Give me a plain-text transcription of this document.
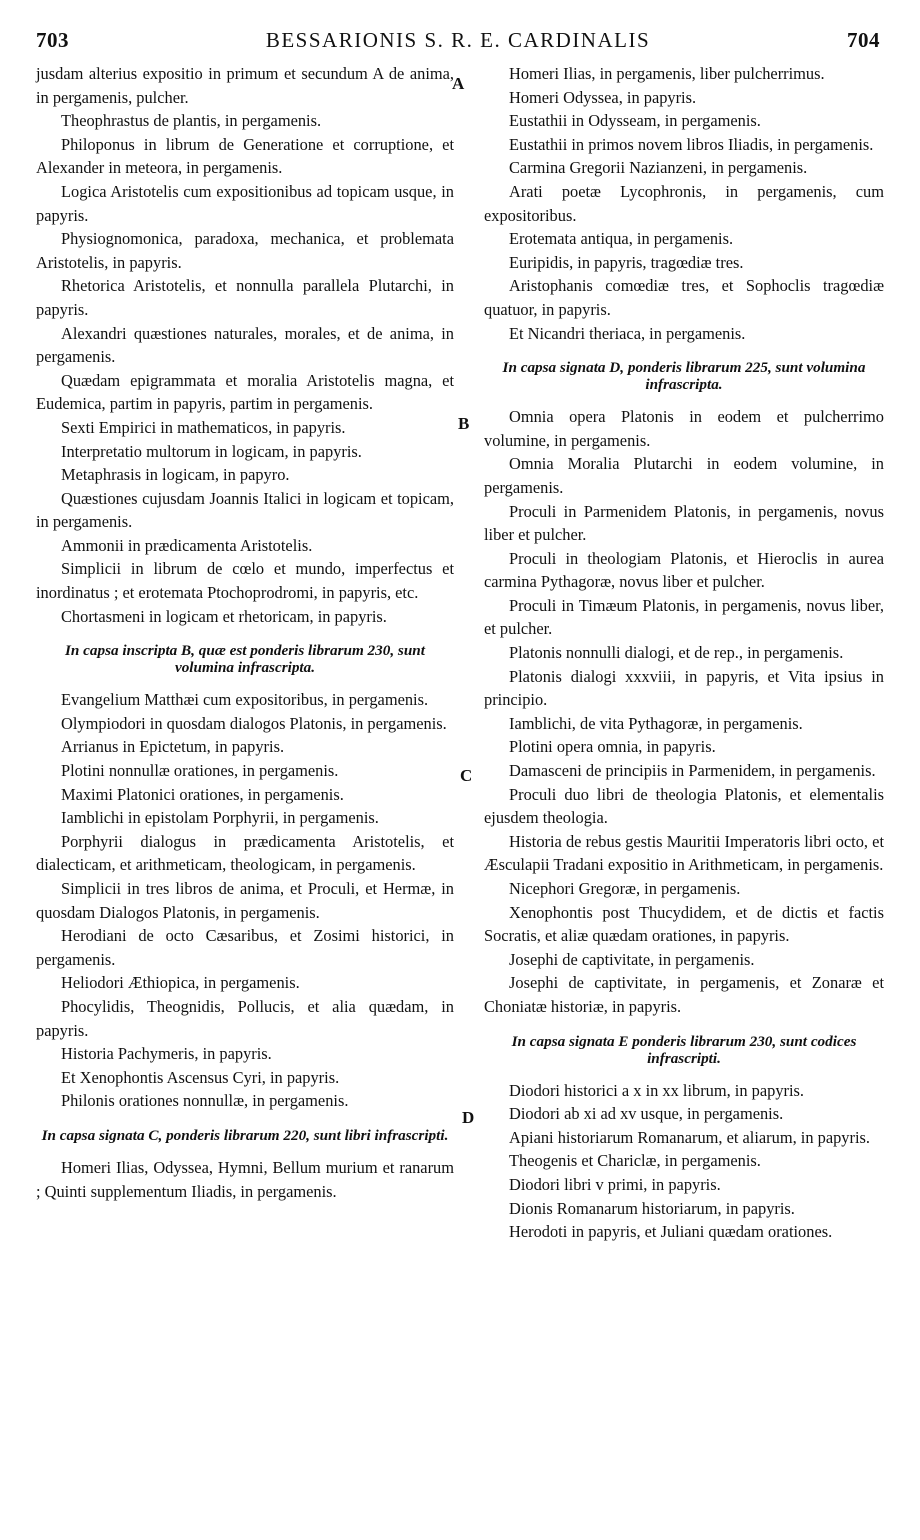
703	BESSARIONIS S. R. E. CARDINALIS	704
jusdam alterius expositio in primum et secundum A de anima, in pergamenis, pulcher.
Theophrastus de plantis, in pergamenis.
Philoponus in librum de Generatione et corruptione, et Alexander in meteora, in pergamenis.
Logica Aristotelis cum expositionibus ad topicam usque, in papyris.
Physiognomonica, paradoxa, mechanica, et problemata Aristotelis, in papyris.
Rhetorica Aristotelis, et nonnulla parallela Plutarchi, in papyris.
Alexandri quæstiones naturales, morales, et de anima, in pergamenis.
Quædam epigrammata et moralia Aristotelis magna, et Eudemica, partim in papyris, partim in pergamenis.
Sexti Empirici in mathematicos, in papyris.
Interpretatio multorum in logicam, in papyris.
Metaphrasis in logicam, in papyro.
Quæstiones cujusdam Joannis Italici in logicam et topicam, in pergamenis.
Ammonii in prædicamenta Aristotelis.
Simplicii in librum de cœlo et mundo, imperfectus et inordinatus ; et erotemata Ptochoprodromi, in papyris, etc.
Chortasmeni in logicam et rhetoricam, in papyris.
In capsa inscripta B, quæ est ponderis librarum 230, sunt volumina infrascripta.
Evangelium Matthæi cum expositoribus, in pergamenis.
Olympiodori in quosdam dialogos Platonis, in pergamenis.
Arrianus in Epictetum, in papyris.
Plotini nonnullæ orationes, in pergamenis.
Maximi Platonici orationes, in pergamenis.
Iamblichi in epistolam Porphyrii, in pergamenis.
Porphyrii dialogus in prædicamenta Aristotelis, et dialecticam, et arithmeticam, theologicam, in pergamenis.
Simplicii in tres libros de anima, et Proculi, et Hermæ, in quosdam Dialogos Platonis, in pergamenis.
Herodiani de octo Cæsaribus, et Zosimi historici, in pergamenis.
Heliodori Æthiopica, in pergamenis.
Phocylidis, Theognidis, Pollucis, et alia quædam, in papyris.
Historia Pachymeris, in papyris.
Et Xenophontis Ascensus Cyri, in papyris.
Philonis orationes nonnullæ, in pergamenis.
In capsa signata C, ponderis librarum 220, sunt libri infrascripti.
Homeri Ilias, Odyssea, Hymni, Bellum murium et ranarum ; Quinti supplementum Iliadis, in pergamenis.
Homeri Ilias, in pergamenis, liber pulcherrimus.
Homeri Odyssea, in papyris.
Eustathii in Odysseam, in pergamenis.
Eustathii in primos novem libros Iliadis, in pergamenis.
Carmina Gregorii Nazianzeni, in pergamenis.
Arati poetæ Lycophronis, in pergamenis, cum expositoribus.
Erotemata antiqua, in pergamenis.
Euripidis, in papyris, tragœdiæ tres.
Aristophanis comœdiæ tres, et Sophoclis tragœdiæ quatuor, in papyris.
Et Nicandri theriaca, in pergamenis.
In capsa signata D, ponderis librarum 225, sunt volumina infrascripta.
Omnia opera Platonis in eodem et pulcherrimo volumine, in pergamenis.
Omnia Moralia Plutarchi in eodem volumine, in pergamenis.
Proculi in Parmenidem Platonis, in pergamenis, novus liber et pulcher.
Proculi in theologiam Platonis, et Hieroclis in aurea carmina Pythagoræ, novus liber et pulcher.
Proculi in Timæum Platonis, in pergamenis, novus liber, et pulcher.
Platonis nonnulli dialogi, et de rep., in pergamenis.
Platonis dialogi xxxviii, in papyris, et Vita ipsius in principio.
Iamblichi, de vita Pythagoræ, in pergamenis.
Plotini opera omnia, in papyris.
Damasceni de principiis in Parmenidem, in pergamenis.
Proculi duo libri de theologia Platonis, et elementalis ejusdem theologia.
Historia de rebus gestis Mauritii Imperatoris libri octo, et Æsculapii Tradani expositio in Arithmeticam, in pergamenis.
Nicephori Gregoræ, in pergamenis.
Xenophontis post Thucydidem, et de dictis et factis Socratis, et aliæ quædam orationes, in papyris.
Josephi de captivitate, in pergamenis.
Josephi de captivitate, in pergamenis, et Zonaræ et Choniatæ historiæ, in papyris.
In capsa signata E ponderis librarum 230, sunt codices infrascripti.
Diodori historici a x in xx librum, in papyris.
Diodori ab xi ad xv usque, in pergamenis.
Apiani historiarum Romanarum, et aliarum, in papyris.
Theogenis et Chariclæ, in pergamenis.
Diodori libri v primi, in papyris.
Dionis Romanarum historiarum, in papyris.
Herodoti in papyris, et Juliani quædam orationes.
A
B
C
D
